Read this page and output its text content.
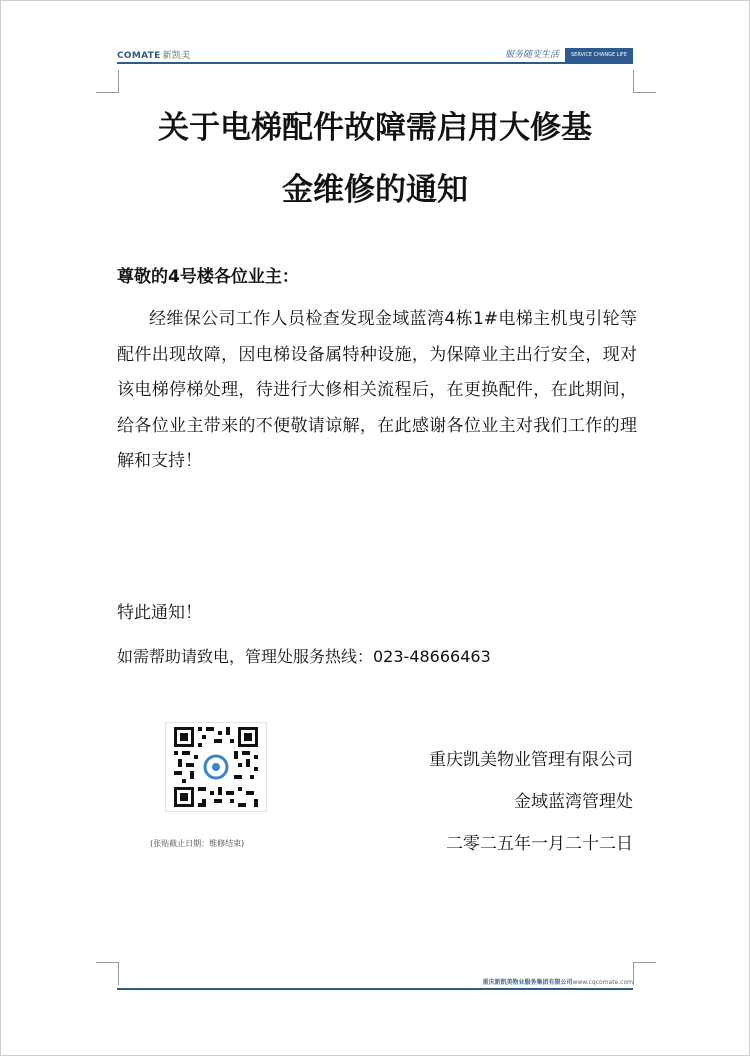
COMATE 新凯美	服务随变生活	SERVICE CHANGE LIFE
关于电梯配件故障需启用大修基
金维修的通知
尊敬的4号楼各位业主：
经维保公司工作人员检查发现金域蓝湾4栋1#电梯主机曳引轮等配件出现故障，因电梯设备属特种设施，为保障业主出行安全，现对该电梯停梯处理，待进行大修相关流程后，在更换配件，在此期间，给各位业主带来的不便敬请谅解，在此感谢各位业主对我们工作的理解和支持！
特此通知！
如需帮助请致电，管理处服务热线：023-48666463
(张贴截止日期：维修结束)
重庆凯美物业管理有限公司
金域蓝湾管理处
二零二五年一月二十二日
重庆新凯美物业服务集团有限公司www.cqcomate.com
